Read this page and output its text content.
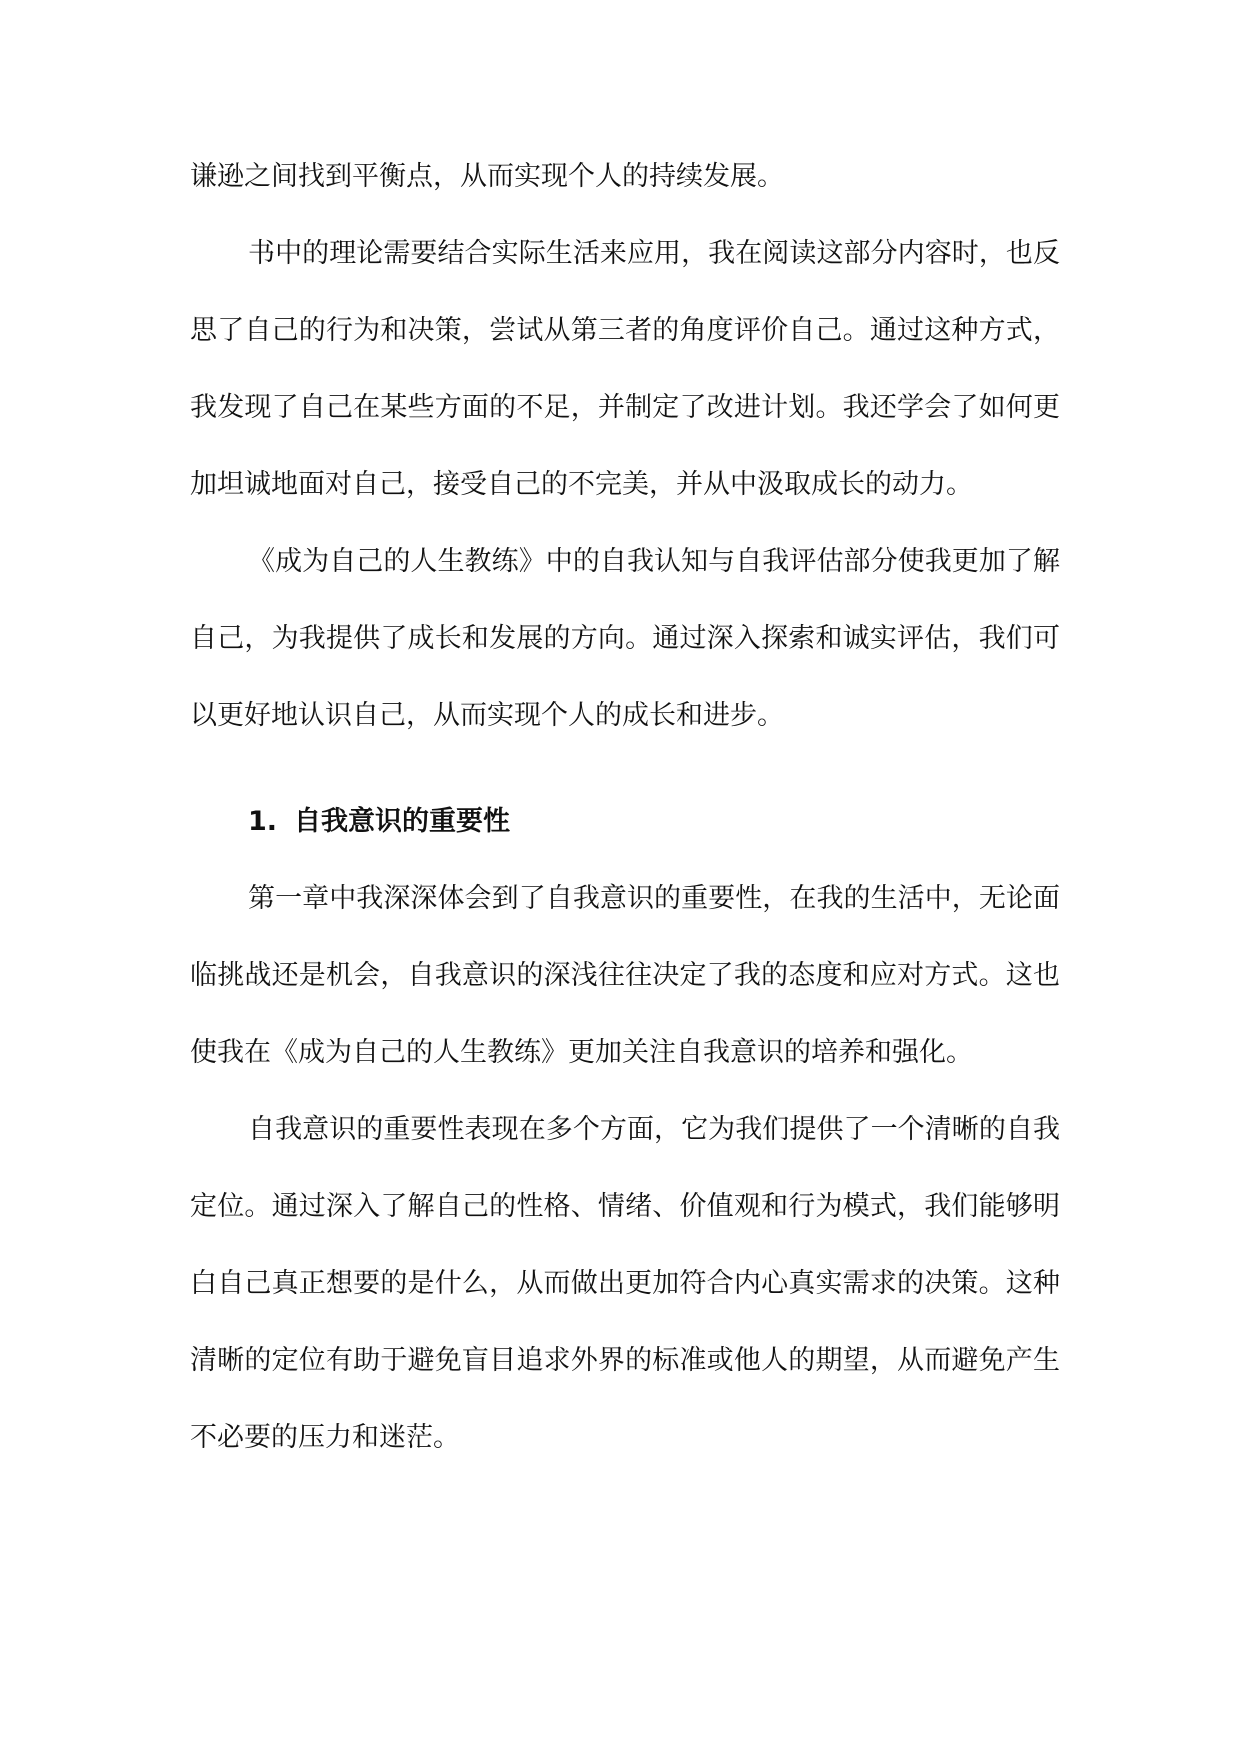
谦逊之间找到平衡点，从而实现个人的持续发展。

书中的理论需要结合实际生活来应用，我在阅读这部分内容时，也反思了自己的行为和决策，尝试从第三者的角度评价自己。通过这种方式，我发现了自己在某些方面的不足，并制定了改进计划。我还学会了如何更加坦诚地面对自己，接受自己的不完美，并从中汲取成长的动力。

《成为自己的人生教练》中的自我认知与自我评估部分使我更加了解自己，为我提供了成长和发展的方向。通过深入探索和诚实评估，我们可以更好地认识自己，从而实现个人的成长和进步。

1. 自我意识的重要性

第一章中我深深体会到了自我意识的重要性，在我的生活中，无论面临挑战还是机会，自我意识的深浅往往决定了我的态度和应对方式。这也使我在《成为自己的人生教练》更加关注自我意识的培养和强化。

自我意识的重要性表现在多个方面，它为我们提供了一个清晰的自我定位。通过深入了解自己的性格、情绪、价值观和行为模式，我们能够明白自己真正想要的是什么，从而做出更加符合内心真实需求的决策。这种清晰的定位有助于避免盲目追求外界的标准或他人的期望，从而避免产生不必要的压力和迷茫。
